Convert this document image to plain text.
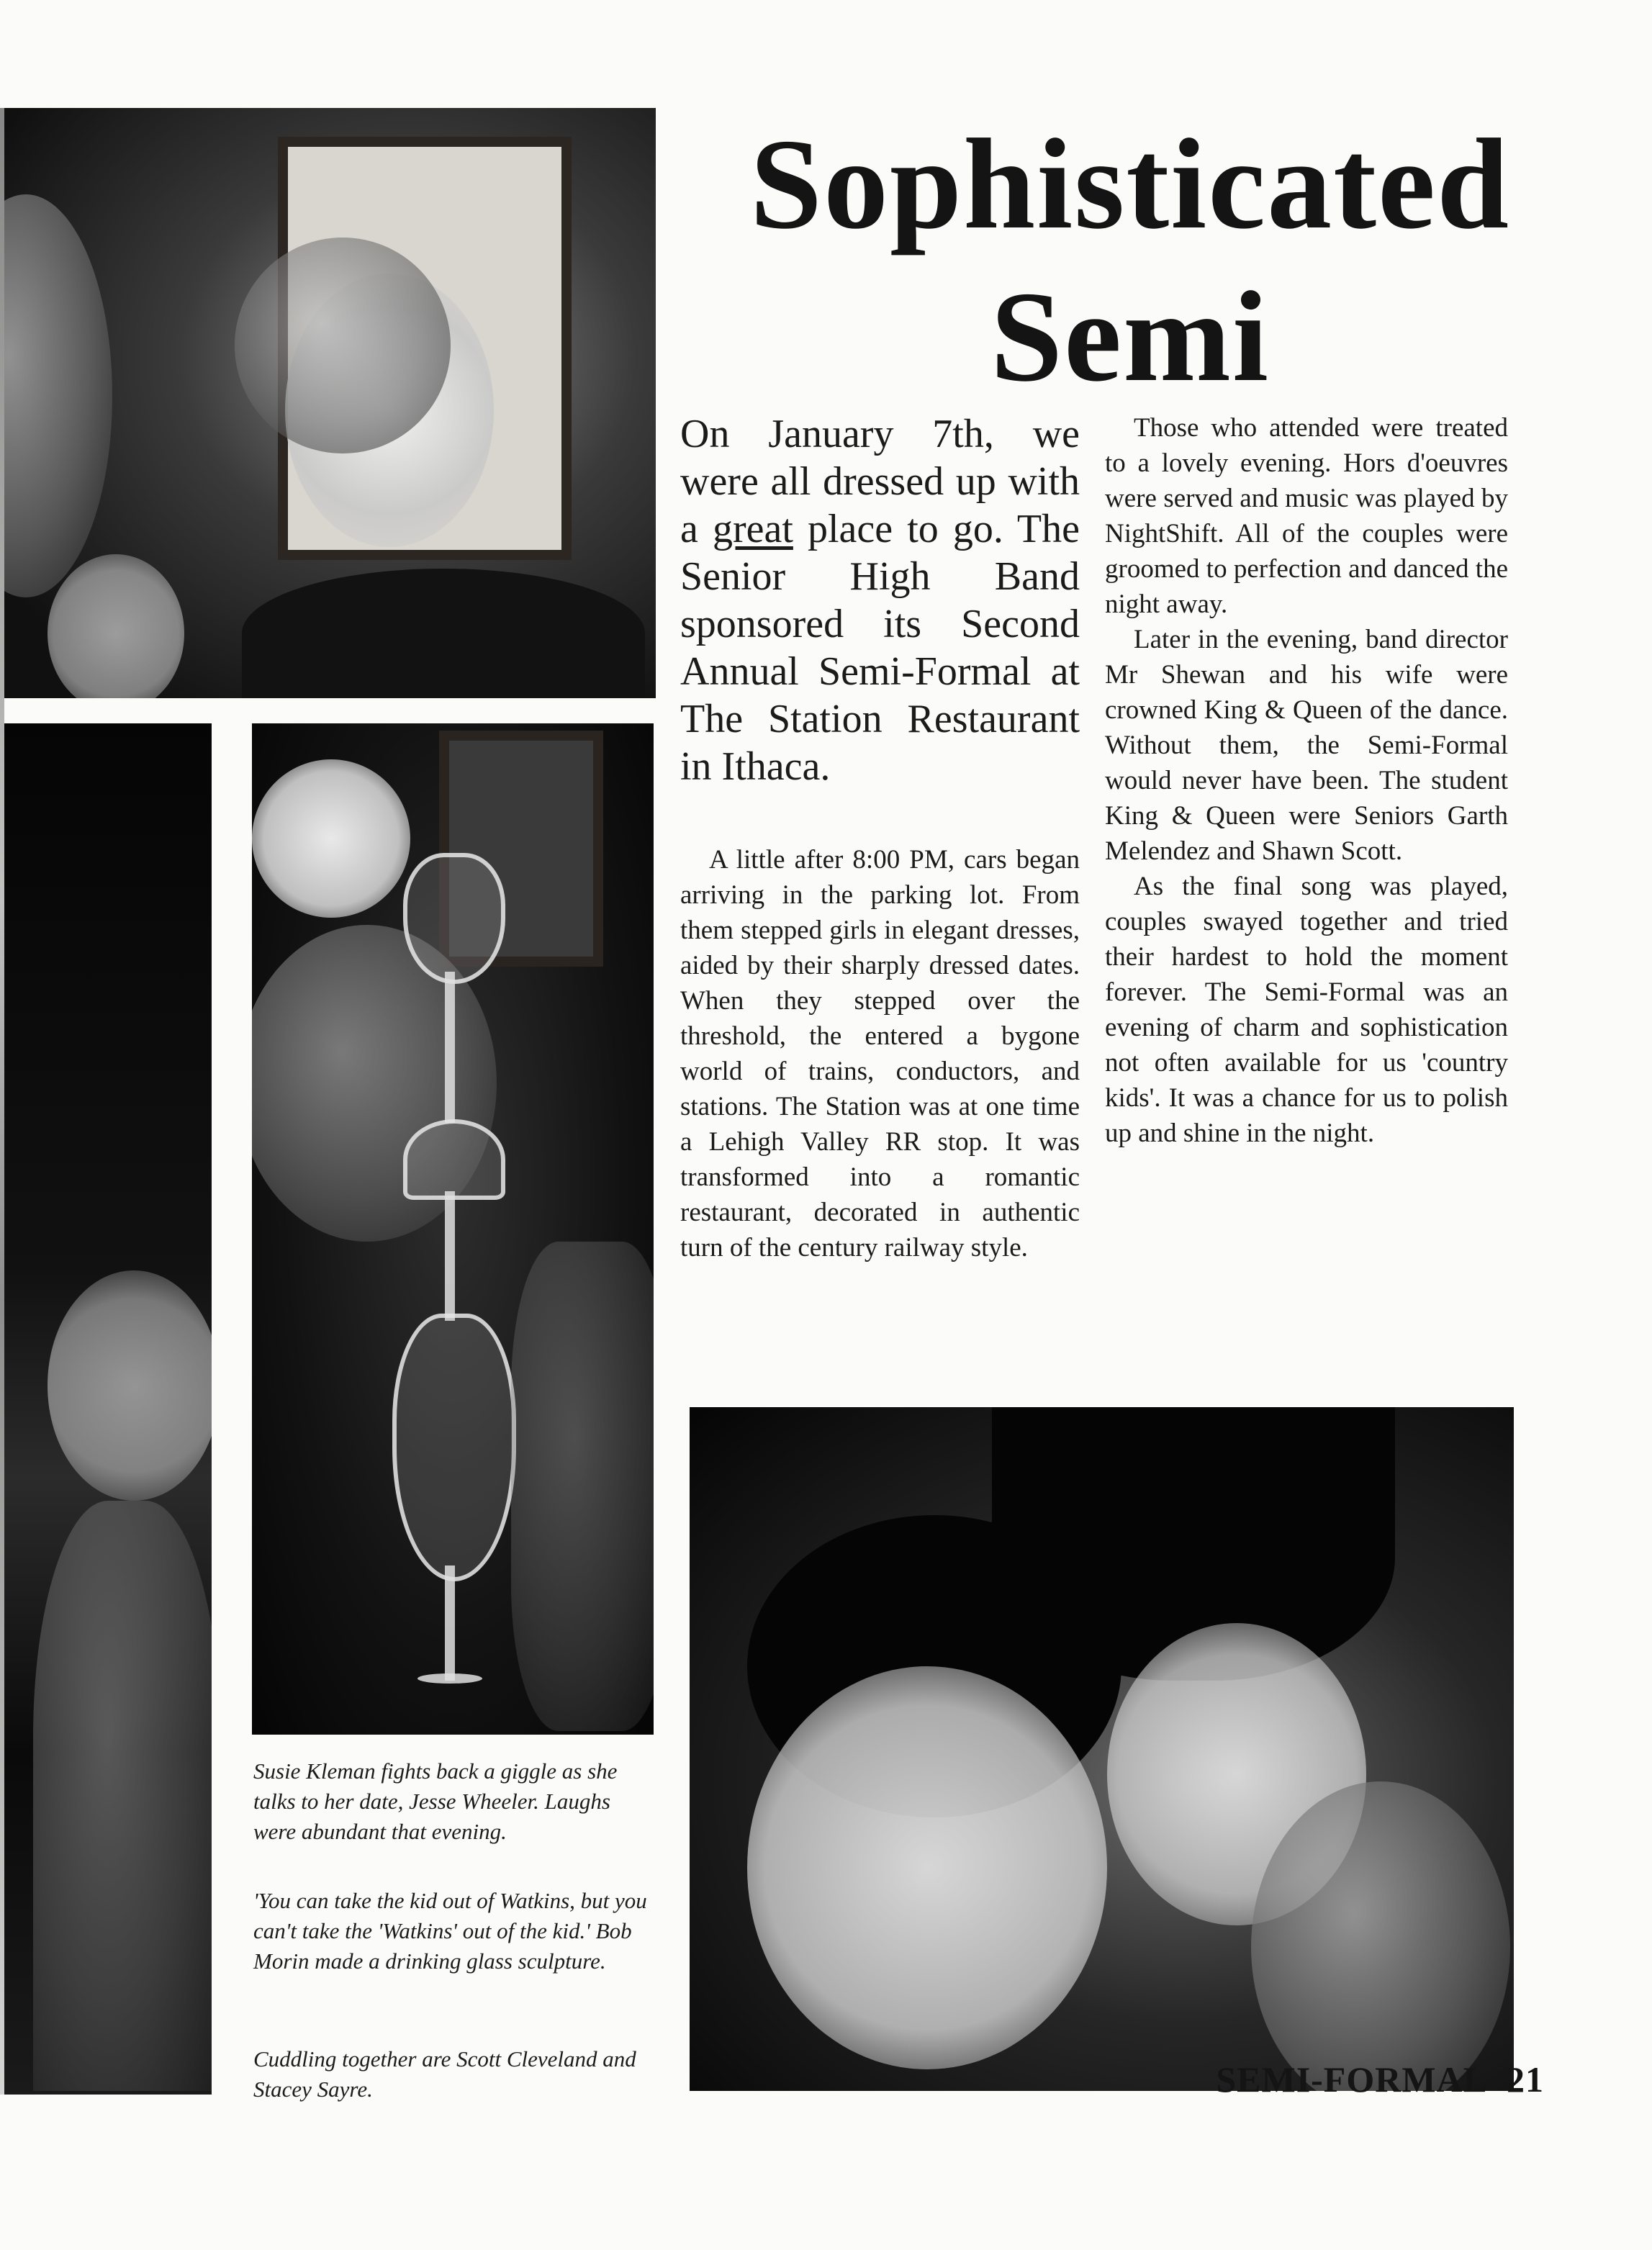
Sophisticated
Semi
On January 7th, we were all dressed up with a great place to go. The Senior High Band sponsored its Second Annual Semi-Formal at The Station Restaurant in Ithaca.

A little after 8:00 PM, cars began arriving in the parking lot. From them stepped girls in elegant dresses, aided by their sharply dressed dates. When they stepped over the threshold, the entered a bygone world of trains, conductors, and stations. The Station was at one time a Lehigh Valley RR stop. It was transformed into a romantic restaurant, decorated in authentic turn of the century railway style.

Those who attended were treated to a lovely evening. Hors d'oeuvres were served and music was played by NightShift. All of the couples were groomed to perfection and danced the night away.

Later in the evening, band director Mr Shewan and his wife were crowned King & Queen of the dance. Without them, the Semi-Formal would never have been. The student King & Queen were Seniors Garth Melendez and Shawn Scott.

As the final song was played, couples swayed together and tried their hardest to hold the moment forever. The Semi-Formal was an evening of charm and sophistication not often available for us 'country kids'. It was a chance for us to polish up and shine in the night.

Susie Kleman fights back a giggle as she talks to her date, Jesse Wheeler. Laughs were abundant that evening.
'You can take the kid out of Watkins, but you can't take the 'Watkins' out of the kid.' Bob Morin made a drinking glass sculpture.
Cuddling together are Scott Cleveland and Stacey Sayre.	SEMI-FORMAL 21
